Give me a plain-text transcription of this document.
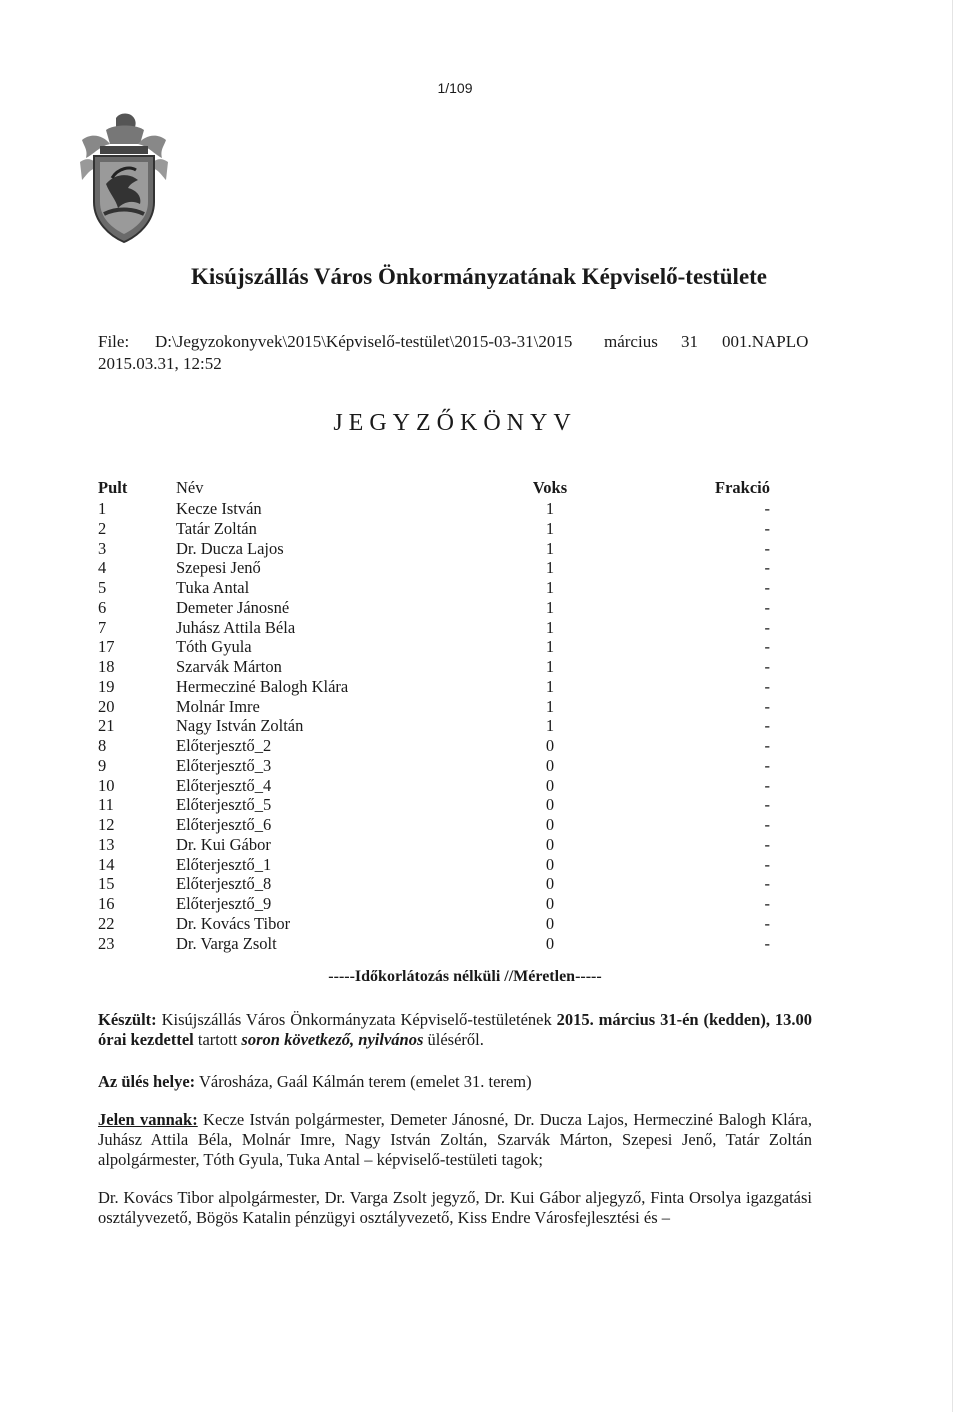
1/109
Kisújszállás Város Önkormányzatának Képviselő-testülete
File: D:\Jegyzokonyvek\2015\Képviselő-testület\2015-03-31\2015 március 31 001.NAPLO
2015.03.31, 12:52
JEGYZŐKÖNYV
Pult	Név	Voks	Frakció
1	Kecze István	1	-
2	Tatár Zoltán	1	-
3	Dr. Ducza Lajos	1	-
4	Szepesi Jenő	1	-
5	Tuka Antal	1	-
6	Demeter Jánosné	1	-
7	Juhász Attila Béla	1	-
17	Tóth Gyula	1	-
18	Szarvák Márton	1	-
19	Hermecziné Balogh Klára	1	-
20	Molnár Imre	1	-
21	Nagy István Zoltán	1	-
8	Előterjesztő_2	0	-
9	Előterjesztő_3	0	-
10	Előterjesztő_4	0	-
11	Előterjesztő_5	0	-
12	Előterjesztő_6	0	-
13	Dr. Kui Gábor	0	-
14	Előterjesztő_1	0	-
15	Előterjesztő_8	0	-
16	Előterjesztő_9	0	-
22	Dr. Kovács Tibor	0	-
23	Dr. Varga Zsolt	0	-
-----Időkorlátozás nélküli //Méretlen-----
Készült: Kisújszállás Város Önkormányzata Képviselő-testületének 2015. március 31-én (kedden), 13.00 órai kezdettel tartott soron következő, nyilvános üléséről.
Az ülés helye: Városháza, Gaál Kálmán terem (emelet 31. terem)
Jelen vannak: Kecze István polgármester, Demeter Jánosné, Dr. Ducza Lajos, Hermecziné Balogh Klára, Juhász Attila Béla, Molnár Imre, Nagy István Zoltán, Szarvák Márton, Szepesi Jenő, Tatár Zoltán alpolgármester, Tóth Gyula, Tuka Antal – képviselő-testületi tagok;
Dr. Kovács Tibor alpolgármester, Dr. Varga Zsolt jegyző, Dr. Kui Gábor aljegyző, Finta Orsolya igazgatási osztályvezető, Bögös Katalin pénzügyi osztályvezető, Kiss Endre Városfejlesztési és –
